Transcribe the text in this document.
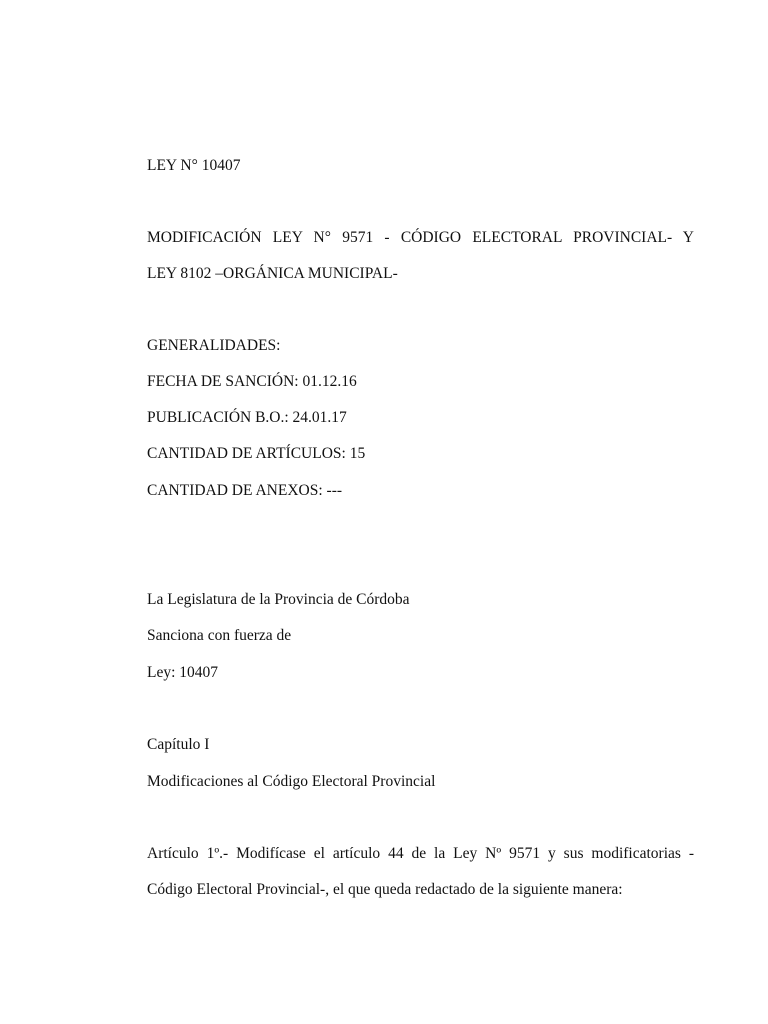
LEY N° 10407
MODIFICACIÓN LEY N° 9571 - CÓDIGO ELECTORAL PROVINCIAL- Y
LEY 8102 –ORGÁNICA MUNICIPAL-
GENERALIDADES:
FECHA DE SANCIÓN: 01.12.16
PUBLICACIÓN B.O.: 24.01.17
CANTIDAD DE ARTÍCULOS: 15
CANTIDAD DE ANEXOS: ---
La Legislatura de la Provincia de Córdoba
Sanciona con fuerza de
Ley: 10407
Capítulo I
Modificaciones al Código Electoral Provincial
Artículo 1º.- Modifícase el artículo 44 de la Ley Nº 9571 y sus modificatorias -
Código Electoral Provincial-, el que queda redactado de la siguiente manera:
